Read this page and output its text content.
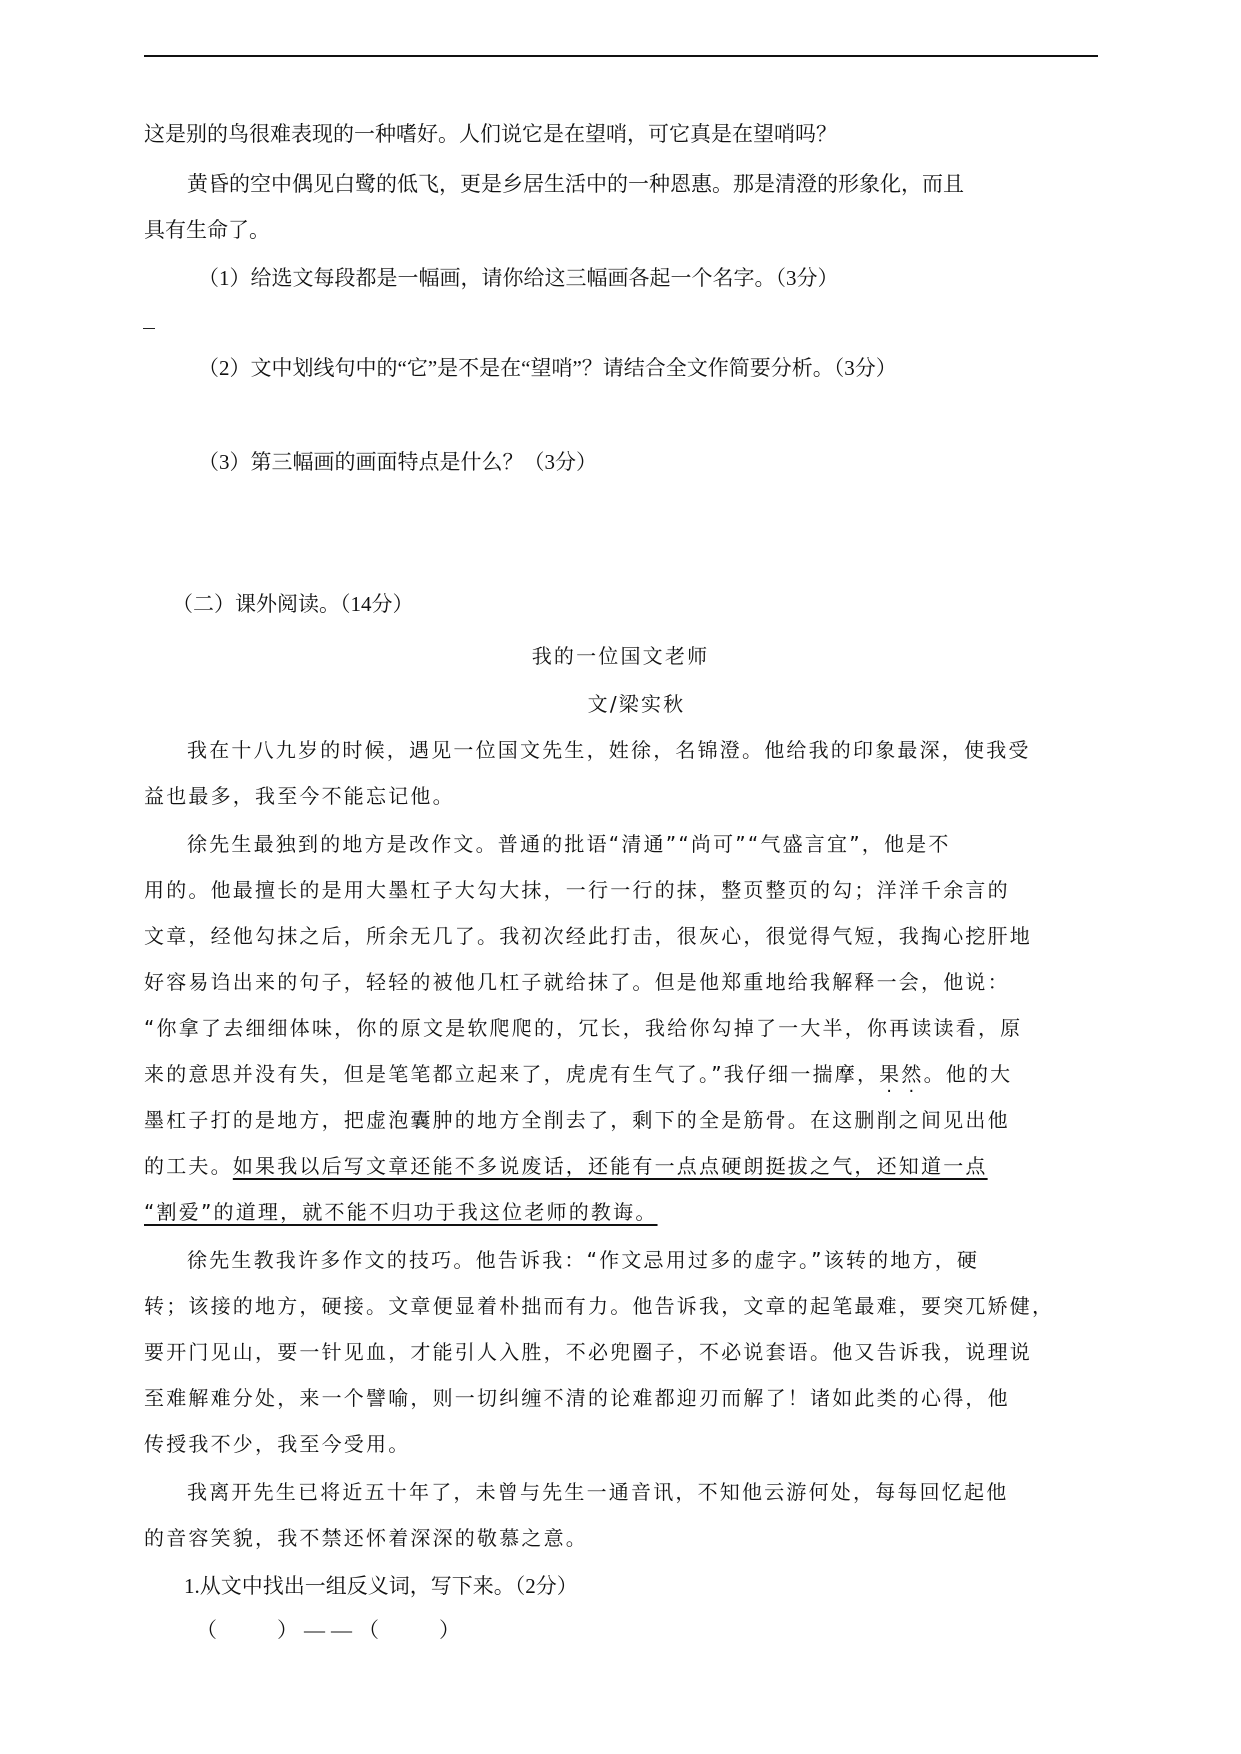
这是别的鸟很难表现的一种嗜好。人们说它是在望哨，可它真是在望哨吗？
黄昏的空中偶见白鹭的低飞，更是乡居生活中的一种恩惠。那是清澄的形象化，而且
具有生命了。
（1）给选文每段都是一幅画，请你给这三幅画各起一个名字。（3分）
（2）文中划线句中的“它”是不是在“望哨”？请结合全文作简要分析。（3分）
（3）第三幅画的画面特点是什么？（3分）
（二）课外阅读。（14分）
我的一位国文老师
文/梁实秋
我在十八九岁的时候，遇见一位国文先生，姓徐，名锦澄。他给我的印象最深，使我受
益也最多，我至今不能忘记他。
徐先生最独到的地方是改作文。普通的批语“清通”“尚可”“气盛言宜”，他是不
用的。他最擅长的是用大墨杠子大勾大抹，一行一行的抹，整页整页的勾；洋洋千余言的
文章，经他勾抹之后，所余无几了。我初次经此打击，很灰心，很觉得气短，我掏心挖肝地
好容易诌出来的句子，轻轻的被他几杠子就给抹了。但是他郑重地给我解释一会，他说：
“你拿了去细细体味，你的原文是软爬爬的，冗长，我给你勾掉了一大半，你再读读看，原
来的意思并没有失，但是笔笔都立起来了，虎虎有生气了。”我仔细一揣摩，果然。他的大
墨杠子打的是地方，把虚泡囊肿的地方全削去了，剩下的全是筋骨。在这删削之间见出他
的工夫。如果我以后写文章还能不多说废话，还能有一点点硬朗挺拔之气，还知道一点
“割爱”的道理，就不能不归功于我这位老师的教诲。
徐先生教我许多作文的技巧。他告诉我：“作文忌用过多的虚字。”该转的地方，硬
转；该接的地方，硬接。文章便显着朴拙而有力。他告诉我，文章的起笔最难，要突兀矫健，
要开门见山，要一针见血，才能引人入胜，不必兜圈子，不必说套语。他又告诉我，说理说
至难解难分处，来一个譬喻，则一切纠缠不清的论难都迎刃而解了！诸如此类的心得，他
传授我不少，我至今受用。
我离开先生已将近五十年了，未曾与先生一通音讯，不知他云游何处，每每回忆起他
的音容笑貌，我不禁还怀着深深的敬慕之意。
1.从文中找出一组反义词，写下来。（2分）
（　　）——（　　）
